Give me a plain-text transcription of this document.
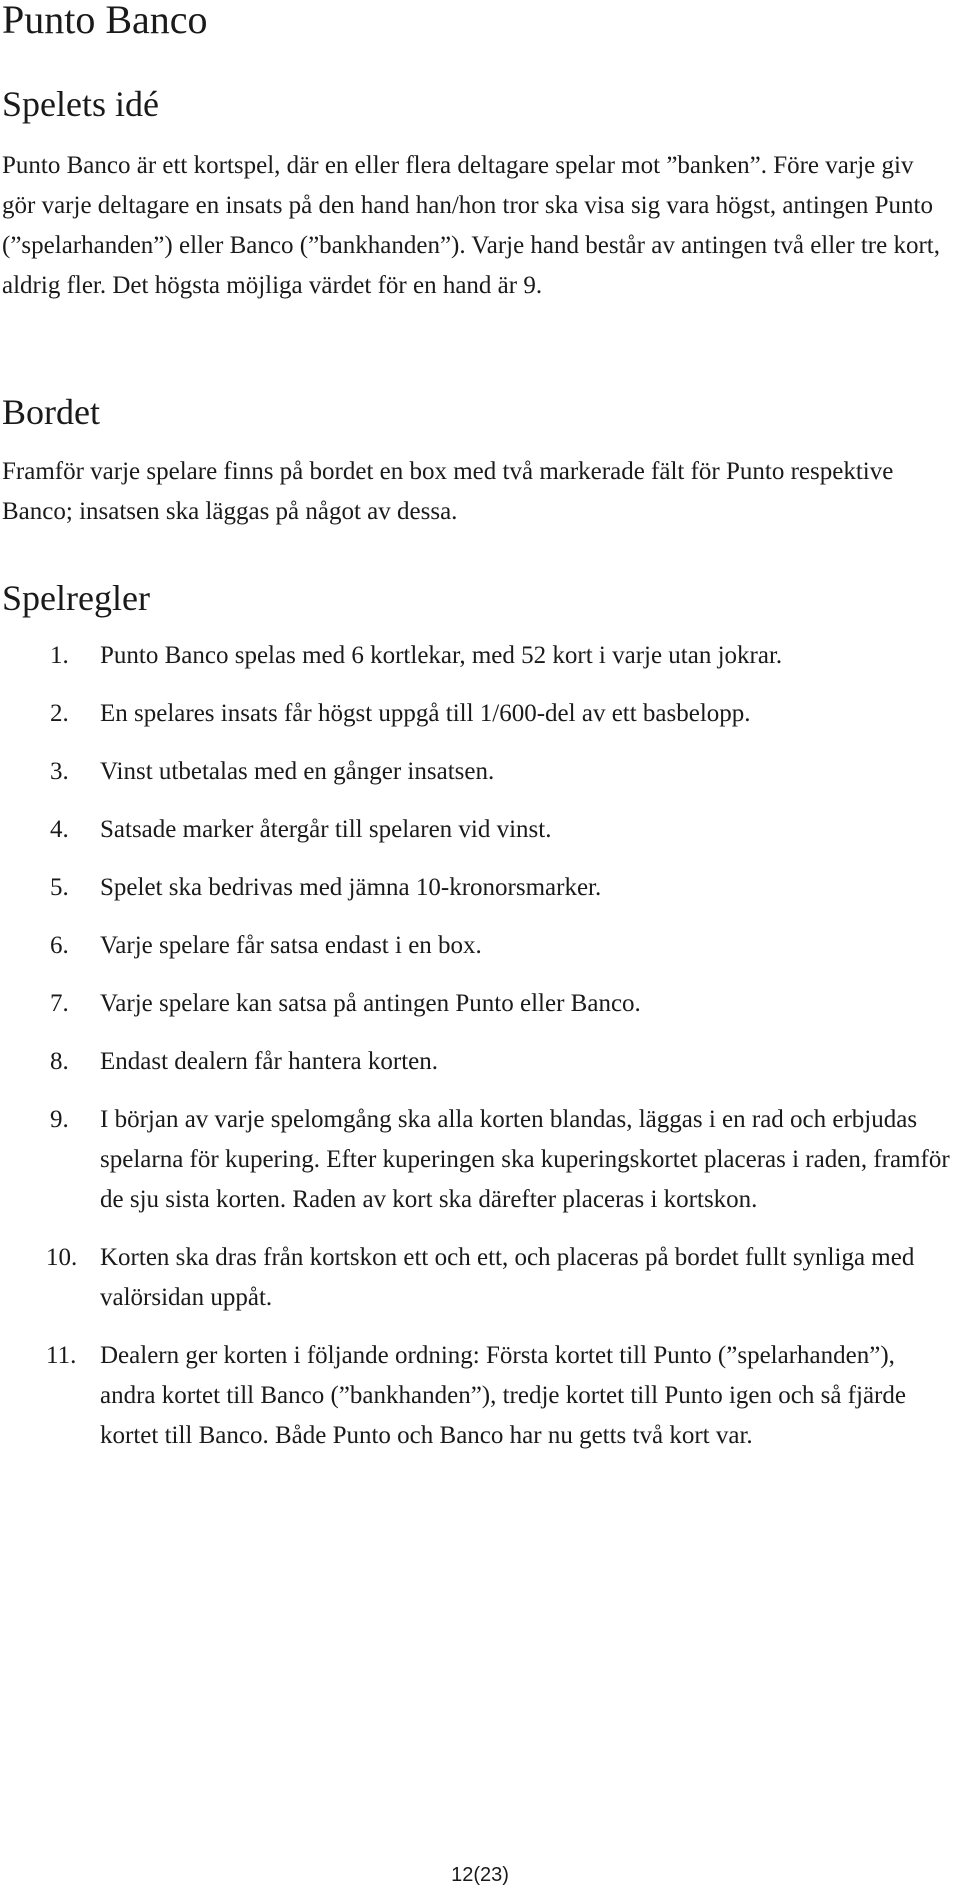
Punto Banco
Spelets idé

Punto Banco är ett kortspel, där en eller flera deltagare spelar mot ”banken”. Före varje giv gör varje deltagare en insats på den hand han/hon tror ska visa sig vara högst, antingen Punto (”spelarhanden”) eller Banco (”bankhanden”). Varje hand består av antingen två eller tre kort, aldrig fler. Det högsta möjliga värdet för en hand är 9.

Bordet

Framför varje spelare finns på bordet en box med två markerade fält för Punto respektive Banco; insatsen ska läggas på något av dessa.

Spelregler
1.	Punto Banco spelas med 6 kortlekar, med 52 kort i varje utan jokrar.
2.	En spelares insats får högst uppgå till 1/600-del av ett basbelopp.
3.	Vinst utbetalas med en gånger insatsen.
4.	Satsade marker återgår till spelaren vid vinst.
5.	Spelet ska bedrivas med jämna 10-kronorsmarker.
6.	Varje spelare får satsa endast i en box.
7.	Varje spelare kan satsa på antingen Punto eller Banco.
8.	Endast dealern får hantera korten.
9.	I början av varje spelomgång ska alla korten blandas, läggas i en rad och erbjudas spelarna för kupering. Efter kuperingen ska kuperingskortet placeras i raden, framför de sju sista korten. Raden av kort ska därefter placeras i kortskon.
10. Korten ska dras från kortskon ett och ett, och placeras på bordet fullt synliga med valörsidan uppåt.
11. Dealern ger korten i följande ordning: Första kortet till Punto (”spelarhanden”), andra kortet till Banco (”bankhanden”), tredje kortet till Punto igen och så fjärde kortet till Banco. Både Punto och Banco har nu getts två kort var.
12(23)
